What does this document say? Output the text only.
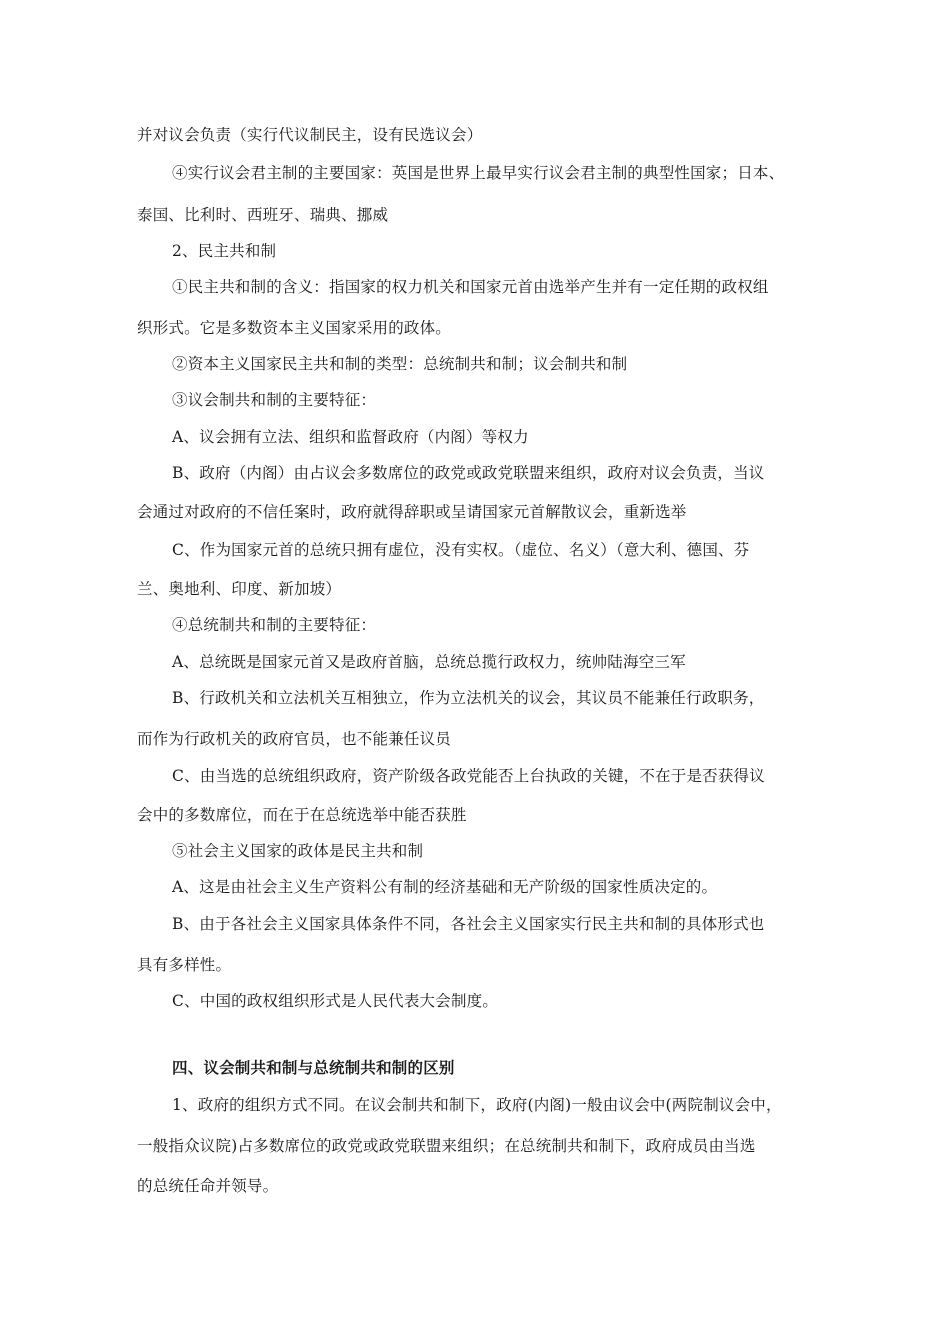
并对议会负责（实行代议制民主，设有民选议会）

④实行议会君主制的主要国家：英国是世界上最早实行议会君主制的典型性国家；日本、

泰国、比利时、西班牙、瑞典、挪威

2、民主共和制

①民主共和制的含义：指国家的权力机关和国家元首由选举产生并有一定任期的政权组

织形式。它是多数资本主义国家采用的政体。

②资本主义国家民主共和制的类型：总统制共和制；议会制共和制

③议会制共和制的主要特征：

A、议会拥有立法、组织和监督政府（内阁）等权力

B、政府（内阁）由占议会多数席位的政党或政党联盟来组织，政府对议会负责，当议

会通过对政府的不信任案时，政府就得辞职或呈请国家元首解散议会，重新选举

C、作为国家元首的总统只拥有虚位，没有实权。（虚位、名义）（意大利、德国、芬

兰、奥地利、印度、新加坡）

④总统制共和制的主要特征：

A、总统既是国家元首又是政府首脑，总统总揽行政权力，统帅陆海空三军

B、行政机关和立法机关互相独立，作为立法机关的议会，其议员不能兼任行政职务，

而作为行政机关的政府官员，也不能兼任议员

C、由当选的总统组织政府，资产阶级各政党能否上台执政的关键，不在于是否获得议

会中的多数席位，而在于在总统选举中能否获胜

⑤社会主义国家的政体是民主共和制

A、这是由社会主义生产资料公有制的经济基础和无产阶级的国家性质决定的。

B、由于各社会主义国家具体条件不同，各社会主义国家实行民主共和制的具体形式也

具有多样性。

C、中国的政权组织形式是人民代表大会制度。

四、议会制共和制与总统制共和制的区别

1、政府的组织方式不同。在议会制共和制下，政府(内阁)一般由议会中(两院制议会中，

一般指众议院)占多数席位的政党或政党联盟来组织；在总统制共和制下，政府成员由当选

的总统任命并领导。
